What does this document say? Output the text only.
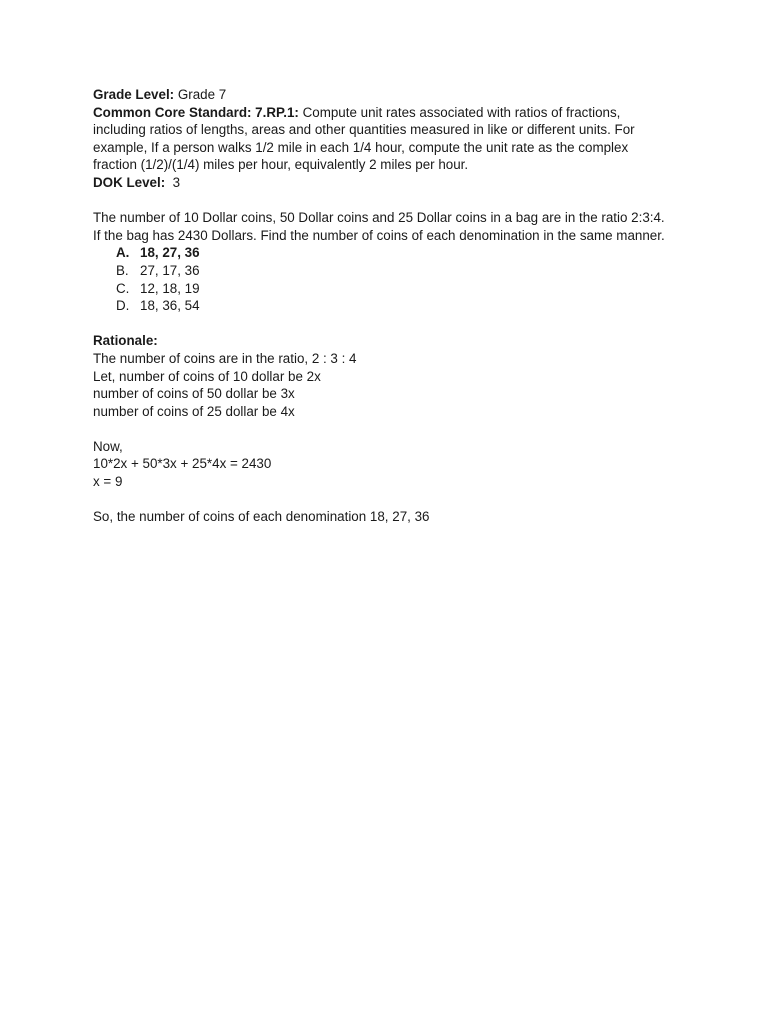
Grade Level: Grade 7
Common Core Standard: 7.RP.1: Compute unit rates associated with ratios of fractions, including ratios of lengths, areas and other quantities measured in like or different units. For example, If a person walks 1/2 mile in each 1/4 hour, compute the unit rate as the complex fraction (1/2)/(1/4) miles per hour, equivalently 2 miles per hour.
DOK Level:  3
The number of 10 Dollar coins, 50 Dollar coins and 25 Dollar coins in a bag are in the ratio 2:3:4. If the bag has 2430 Dollars. Find the number of coins of each denomination in the same manner.
A. 18, 27, 36
B. 27, 17, 36
C. 12, 18, 19
D. 18, 36, 54
Rationale:
The number of coins are in the ratio, 2 : 3 : 4
Let, number of coins of 10 dollar be 2x
number of coins of 50 dollar be 3x
number of coins of 25 dollar be 4x
Now,
10*2x + 50*3x + 25*4x = 2430
x = 9
So, the number of coins of each denomination 18, 27, 36
